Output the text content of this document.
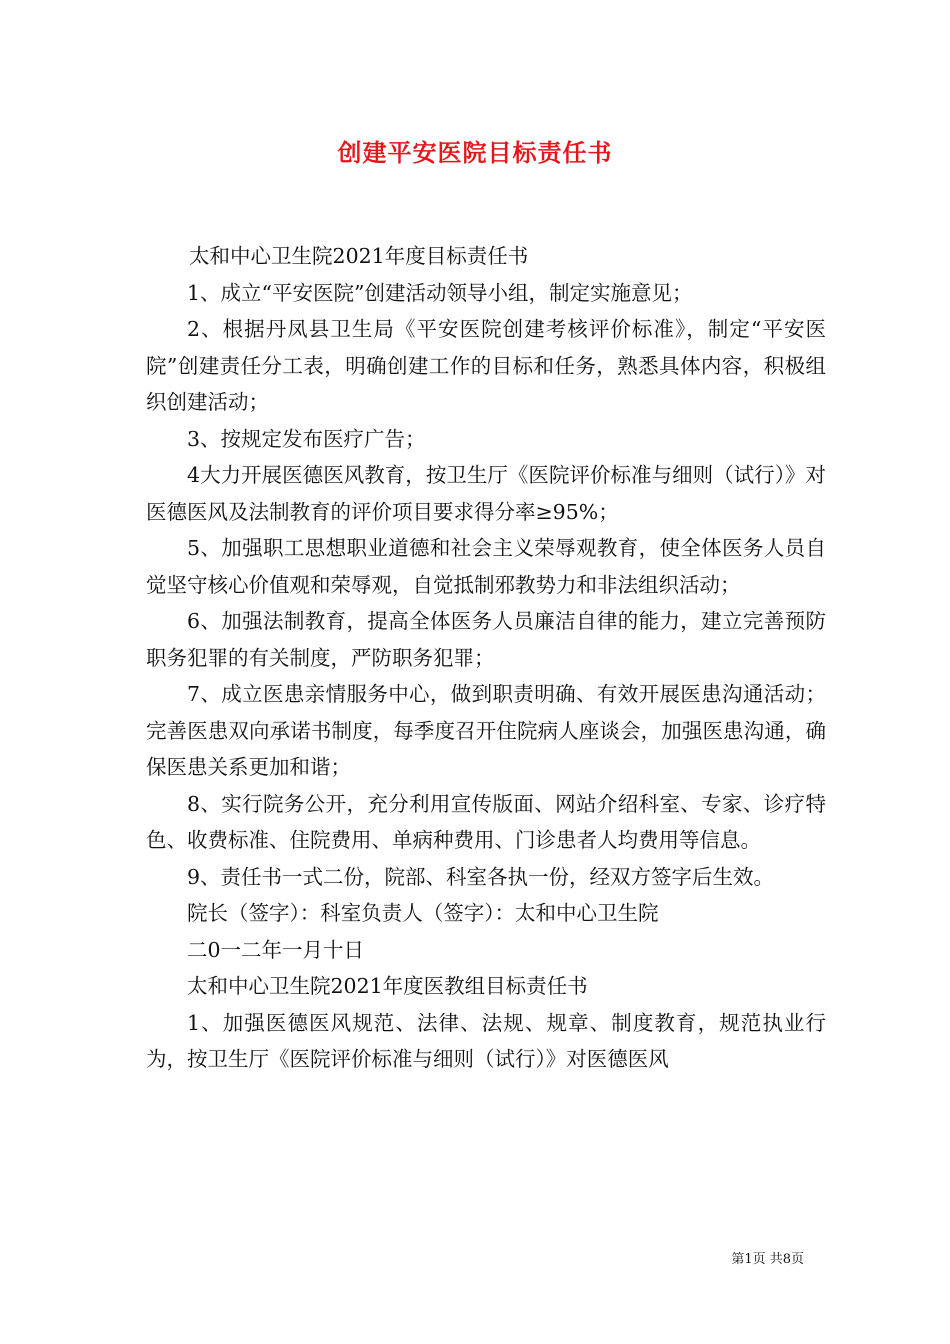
创建平安医院目标责任书

太和中心卫生院2021年度目标责任书

1、成立“平安医院”创建活动领导小组，制定实施意见；

2、根据丹凤县卫生局《平安医院创建考核评价标准》，制定“平安医院”创建责任分工表，明确创建工作的目标和任务，熟悉具体内容，积极组织创建活动；

3、按规定发布医疗广告；

4大力开展医德医风教育，按卫生厅《医院评价标准与细则（试行）》对医德医风及法制教育的评价项目要求得分率≥95%；

5、加强职工思想职业道德和社会主义荣辱观教育，使全体医务人员自觉坚守核心价值观和荣辱观，自觉抵制邪教势力和非法组织活动；

6、加强法制教育，提高全体医务人员廉洁自律的能力，建立完善预防职务犯罪的有关制度，严防职务犯罪；

7、成立医患亲情服务中心，做到职责明确、有效开展医患沟通活动；完善医患双向承诺书制度，每季度召开住院病人座谈会，加强医患沟通，确保医患关系更加和谐；

8、实行院务公开，充分利用宣传版面、网站介绍科室、专家、诊疗特色、收费标准、住院费用、单病种费用、门诊患者人均费用等信息。

9、责任书一式二份，院部、科室各执一份，经双方签字后生效。

院长（签字）：科室负责人（签字）：太和中心卫生院

二0一二年一月十日

太和中心卫生院2021年度医教组目标责任书

1、加强医德医风规范、法律、法规、规章、制度教育，规范执业行为，按卫生厅《医院评价标准与细则（试行）》对医德医风

第1页 共8页
